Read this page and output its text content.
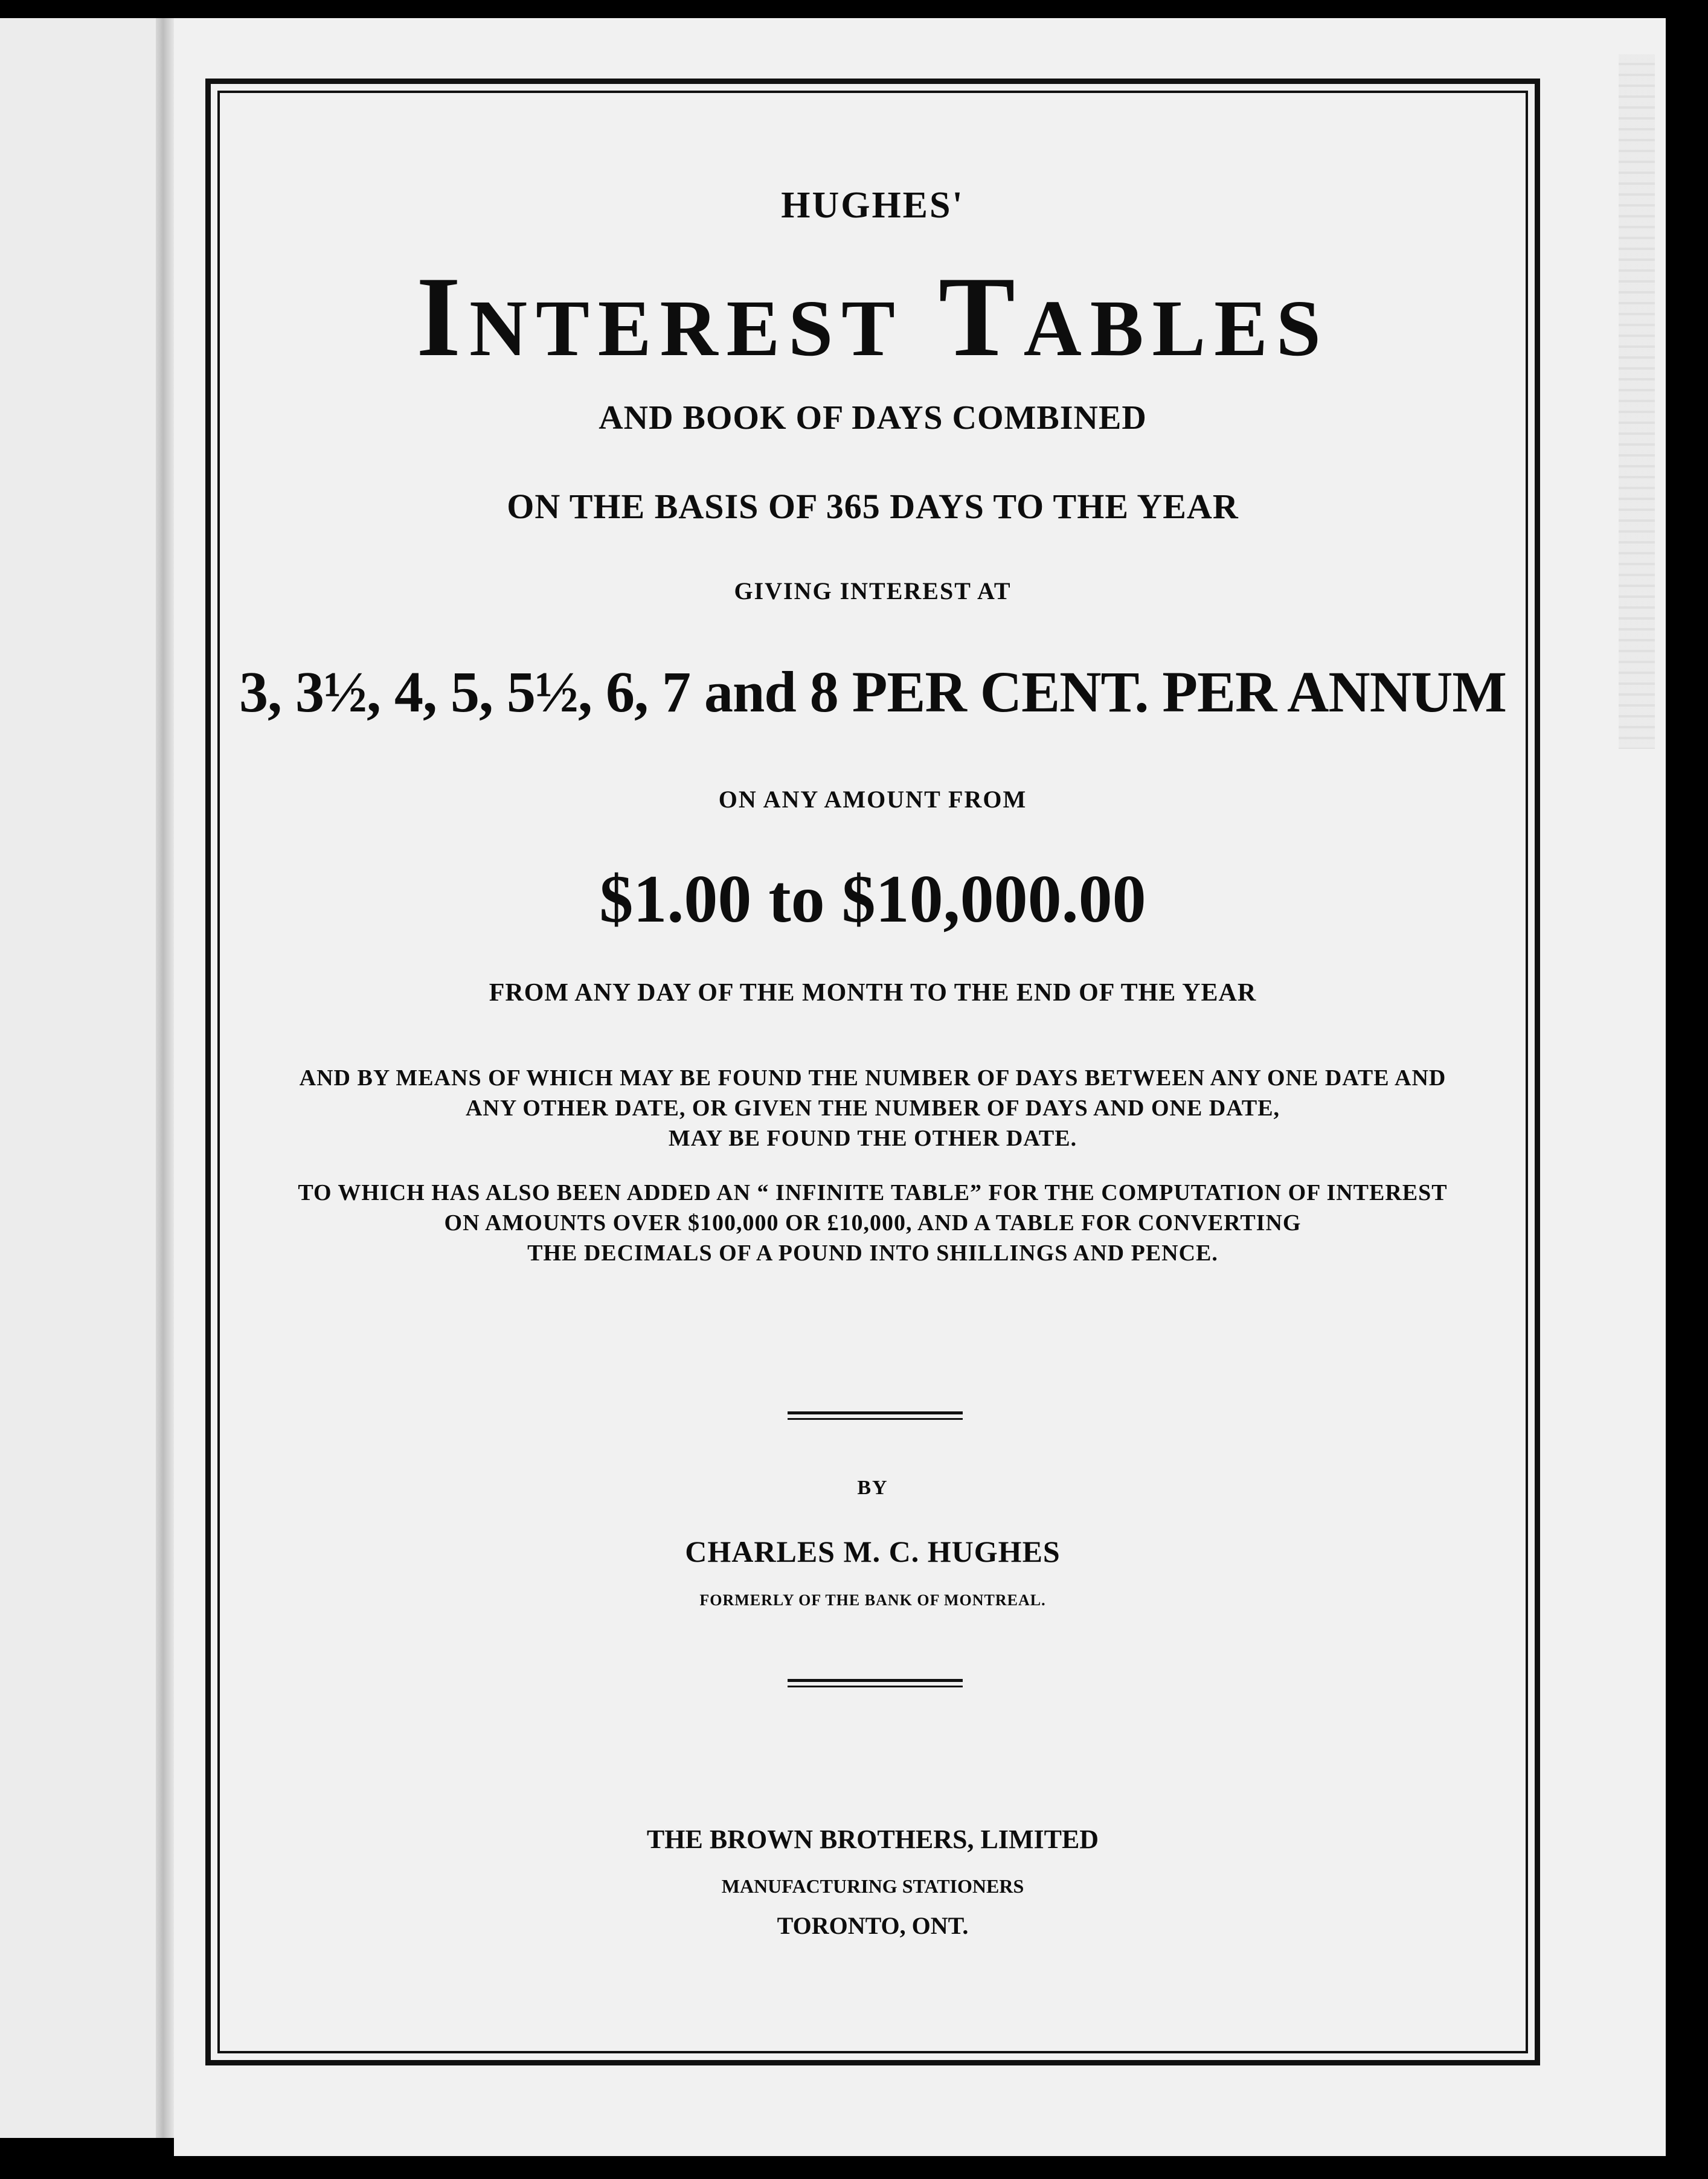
HUGHES'
Interest Tables
AND BOOK OF DAYS COMBINED
ON THE BASIS OF 365 DAYS TO THE YEAR
GIVING INTEREST AT
3, 3½, 4, 5, 5½, 6, 7 and 8 PER CENT. PER ANNUM
ON ANY AMOUNT FROM
$1.00 to $10,000.00
FROM ANY DAY OF THE MONTH TO THE END OF THE YEAR
AND BY MEANS OF WHICH MAY BE FOUND THE NUMBER OF DAYS BETWEEN ANY ONE DATE AND
ANY OTHER DATE, OR GIVEN THE NUMBER OF DAYS AND ONE DATE,
MAY BE FOUND THE OTHER DATE.
TO WHICH HAS ALSO BEEN ADDED AN “ INFINITE TABLE” FOR THE COMPUTATION OF INTEREST
ON AMOUNTS OVER $100,000 OR £10,000, AND A TABLE FOR CONVERTING
THE DECIMALS OF A POUND INTO SHILLINGS AND PENCE.
BY
CHARLES M. C. HUGHES
FORMERLY OF THE BANK OF MONTREAL.
THE BROWN BROTHERS, LIMITED
MANUFACTURING STATIONERS
TORONTO, ONT.
